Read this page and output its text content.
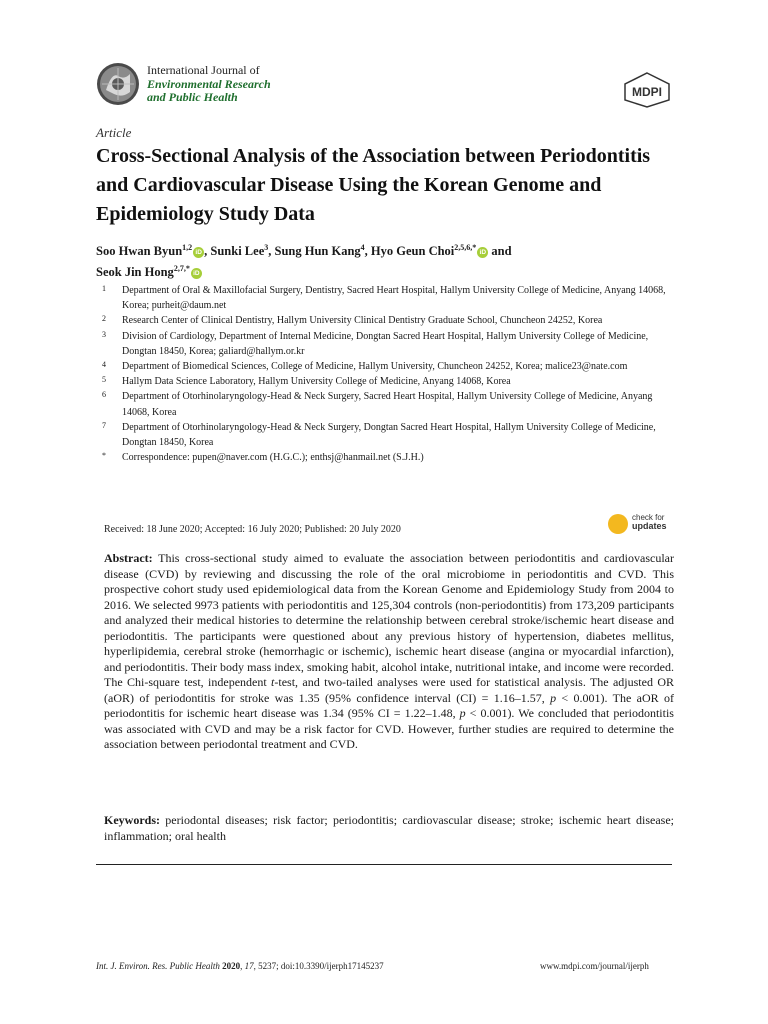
International Journal of
Environmental Research
and Public Health	MDPI
Article
Cross-Sectional Analysis of the Association between Periodontitis and Cardiovascular Disease Using the Korean Genome and Epidemiology Study Data
Soo Hwan Byun$^{1,2}$iD , Sunki Lee$^3$, Sung Hun Kang$^4$, Hyo Geun Choi$^{2,5,6,*}$iD and
Seok Jin Hong$^{2,7,*}$iD
1	Department of Oral & Maxillofacial Surgery, Dentistry, Sacred Heart Hospital, Hallym University College of Medicine, Anyang 14068, Korea; purheit@daum.net
2	Research Center of Clinical Dentistry, Hallym University Clinical Dentistry Graduate School, Chuncheon 24252, Korea
3	Division of Cardiology, Department of Internal Medicine, Dongtan Sacred Heart Hospital, Hallym University College of Medicine, Dongtan 18450, Korea; galiard@hallym.or.kr
4	Department of Biomedical Sciences, College of Medicine, Hallym University, Chuncheon 24252, Korea; malice23@nate.com
5	Hallym Data Science Laboratory, Hallym University College of Medicine, Anyang 14068, Korea
6	Department of Otorhinolaryngology-Head & Neck Surgery, Sacred Heart Hospital, Hallym University College of Medicine, Anyang 14068, Korea
7	Department of Otorhinolaryngology-Head & Neck Surgery, Dongtan Sacred Heart Hospital, Hallym University College of Medicine, Dongtan 18450, Korea
*	Correspondence: pupen@naver.com (H.G.C.); enthsj@hanmail.net (S.J.H.)
Received: 18 June 2020; Accepted: 16 July 2020; Published: 20 July 2020
check for
updates

Abstract: This cross-sectional study aimed to evaluate the association between periodontitis and cardiovascular disease (CVD) by reviewing and discussing the role of the oral microbiome in periodontitis and CVD. This prospective cohort study used epidemiological data from the Korean Genome and Epidemiology Study from 2004 to 2016. We selected 9973 patients with periodontitis and 125,304 controls (non-periodontitis) from 173,209 participants and analyzed their medical histories to determine the relationship between cerebral stroke/ischemic heart disease and periodontitis. The participants were questioned about any previous history of hypertension, diabetes mellitus, hyperlipidemia, cerebral stroke (hemorrhagic or ischemic), ischemic heart disease (angina or myocardial infarction), and periodontitis. Their body mass index, smoking habit, alcohol intake, nutritional intake, and income were recorded. The Chi-square test, independent t-test, and two-tailed analyses were used for statistical analysis. The adjusted OR (aOR) of periodontitis for stroke was 1.35 (95% confidence interval (CI) = 1.16–1.57, p < 0.001). The aOR of periodontitis for ischemic heart disease was 1.34 (95% CI = 1.22–1.48, p < 0.001). We concluded that periodontitis was associated with CVD and may be a risk factor for CVD. However, further studies are required to determine the association between periodontal treatment and CVD.

Keywords: periodontal diseases; risk factor; periodontitis; cardiovascular disease; stroke; ischemic heart disease; inflammation; oral health

Int. J. Environ. Res. Public Health 2020, 17, 5237; doi:10.3390/ijerph17145237	www.mdpi.com/journal/ijerph
